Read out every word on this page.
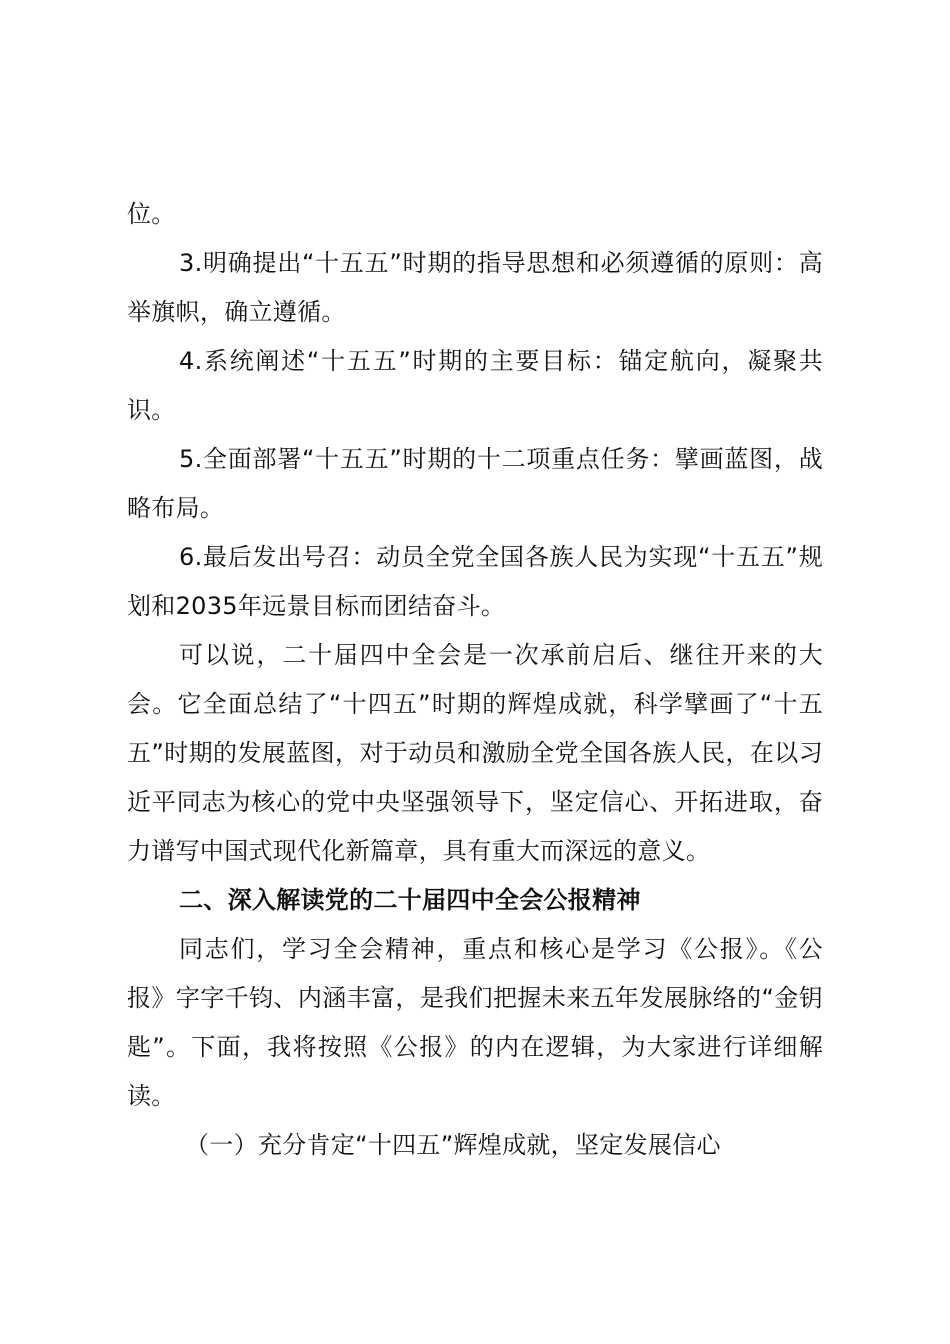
位。

3.明确提出“十五五”时期的指导思想和必须遵循的原则：高举旗帜，确立遵循。

4.系统阐述“十五五”时期的主要目标：锚定航向，凝聚共识。

5.全面部署“十五五”时期的十二项重点任务：擘画蓝图，战略布局。

6.最后发出号召：动员全党全国各族人民为实现“十五五”规划和2035年远景目标而团结奋斗。

可以说，二十届四中全会是一次承前启后、继往开来的大会。它全面总结了“十四五”时期的辉煌成就，科学擘画了“十五五”时期的发展蓝图，对于动员和激励全党全国各族人民，在以习近平同志为核心的党中央坚强领导下，坚定信心、开拓进取，奋力谱写中国式现代化新篇章，具有重大而深远的意义。

二、深入解读党的二十届四中全会公报精神

同志们，学习全会精神，重点和核心是学习《公报》。《公报》字字千钧、内涵丰富，是我们把握未来五年发展脉络的“金钥匙”。下面，我将按照《公报》的内在逻辑，为大家进行详细解读。

（一）充分肯定“十四五”辉煌成就，坚定发展信心
